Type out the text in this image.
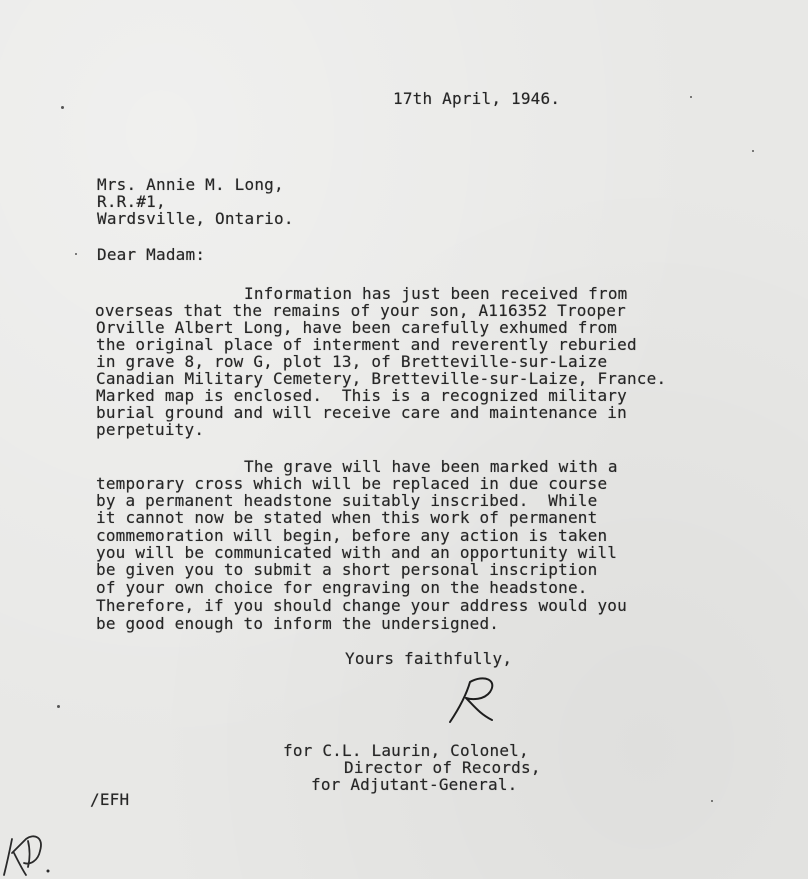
17th April, 1946.
Mrs. Annie M. Long,
R.R.#1,
Wardsville, Ontario.
Dear Madam:
Information has just been received from
overseas that the remains of your son, A116352 Trooper
Orville Albert Long, have been carefully exhumed from
the original place of interment and reverently reburied
in grave 8, row G, plot 13, of Bretteville-sur-Laize
Canadian Military Cemetery, Bretteville-sur-Laize, France.
Marked map is enclosed.  This is a recognized military
burial ground and will receive care and maintenance in
perpetuity.
The grave will have been marked with a
temporary cross which will be replaced in due course
by a permanent headstone suitably inscribed.  While
it cannot now be stated when this work of permanent
commemoration will begin, before any action is taken
you will be communicated with and an opportunity will
be given you to submit a short personal inscription
of your own choice for engraving on the headstone.
Therefore, if you should change your address would you
be good enough to inform the undersigned.
Yours faithfully,
for C.L. Laurin, Colonel,
Director of Records,
for Adjutant-General.
/EFH
